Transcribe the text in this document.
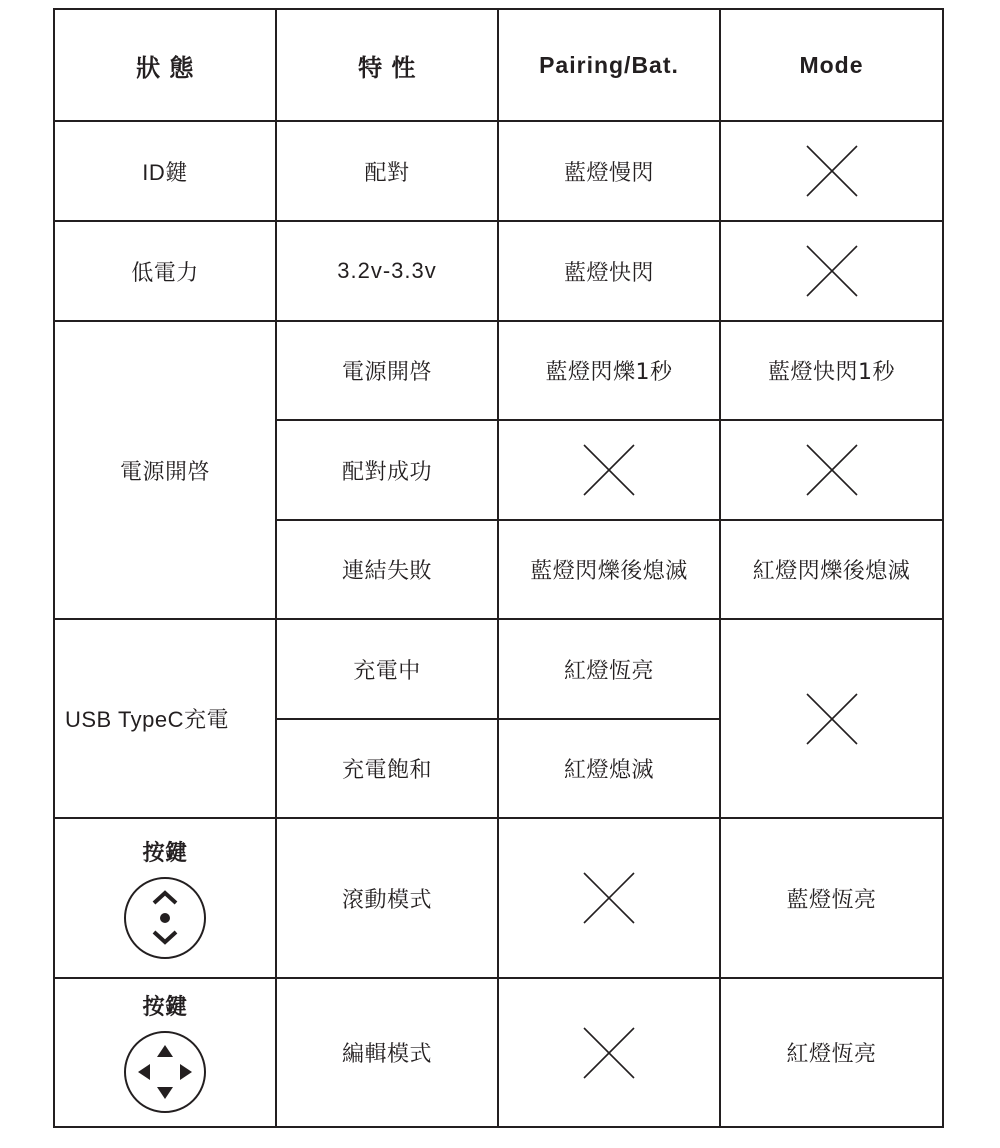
狀 態	特 性	Pairing/Bat.	Mode
ID鍵	配對	藍燈慢閃	

低電力	3.2v-3.3v	藍燈快閃	

電源開啓	電源開啓	藍燈閃爍1秒	藍燈快閃1秒
	配對成功	

	連結失敗	藍燈閃爍後熄滅	紅燈閃爍後熄滅
USB TypeC充電	充電中	紅燈恆亮	

	充電飽和	紅燈熄滅	

按鍵	滾動模式		藍燈恆亮

按鍵	編輯模式		紅燈恆亮
